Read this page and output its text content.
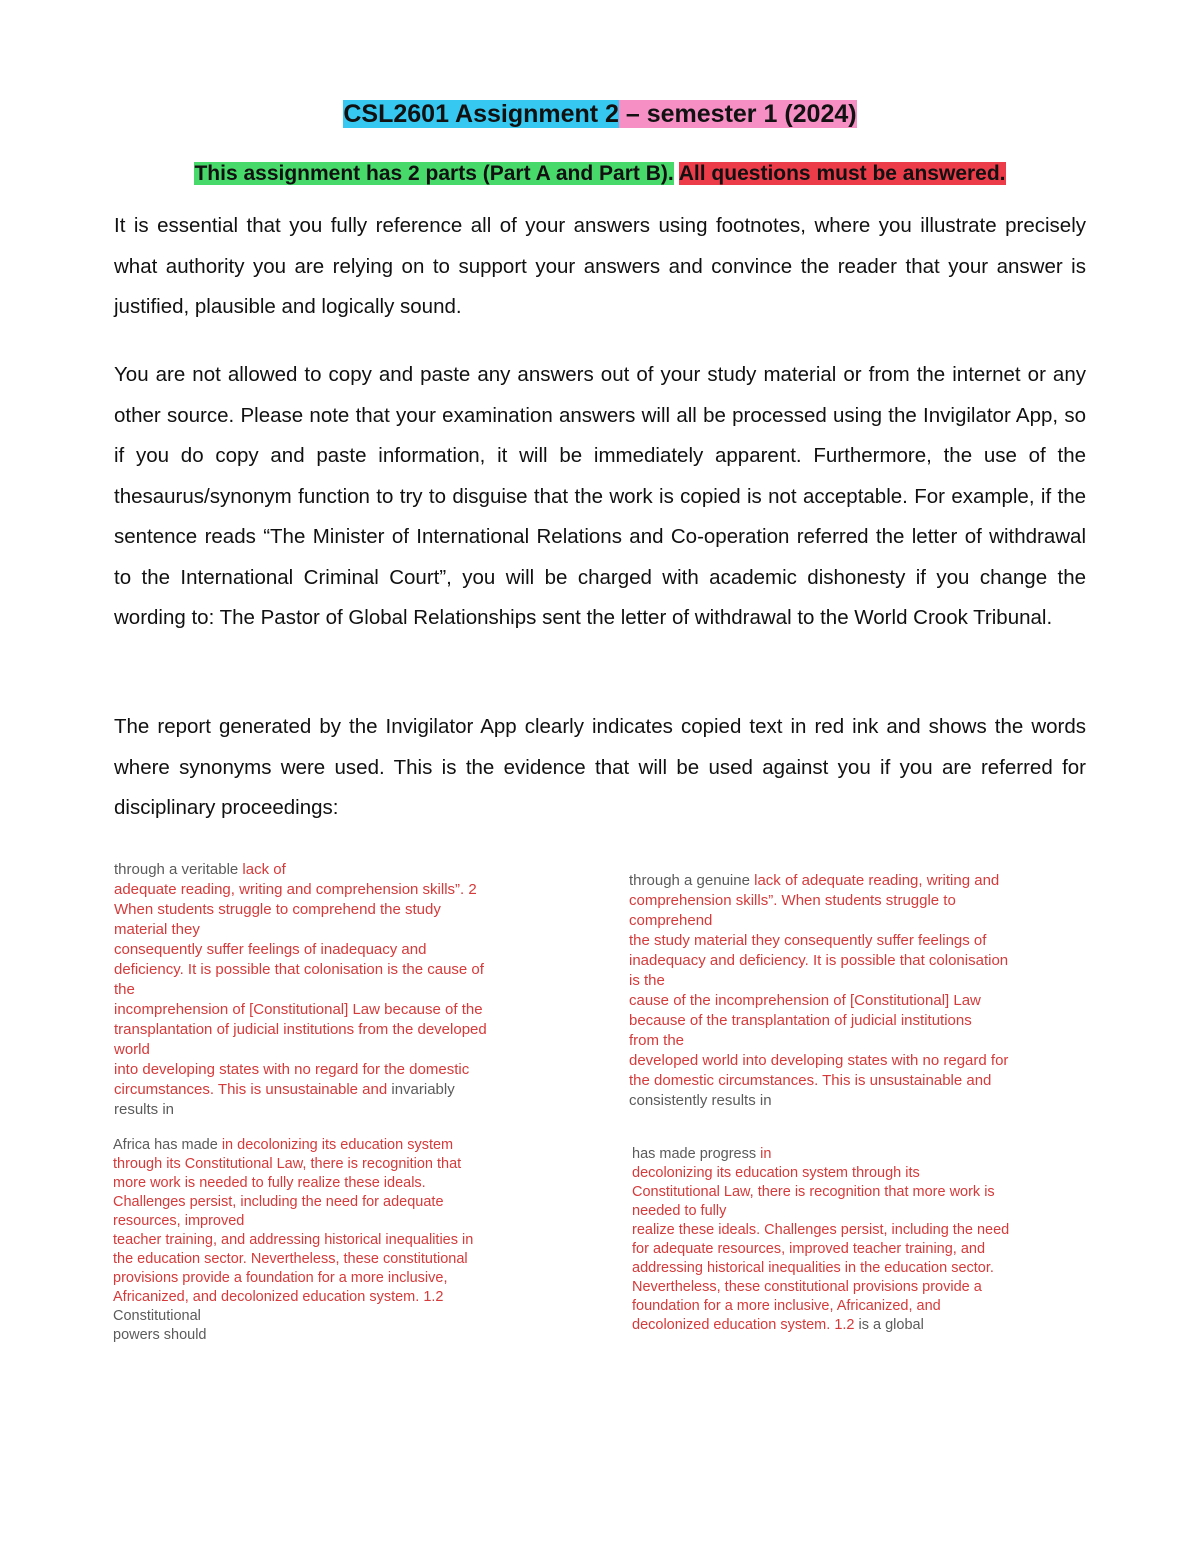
CSL2601 Assignment 2 – semester 1 (2024)
This assignment has 2 parts (Part A and Part B). All questions must be answered.
It is essential that you fully reference all of your answers using footnotes, where you illustrate precisely what authority you are relying on to support your answers and convince the reader that your answer is justified, plausible and logically sound.
You are not allowed to copy and paste any answers out of your study material or from the internet or any other source. Please note that your examination answers will all be processed using the Invigilator App, so if you do copy and paste information, it will be immediately apparent. Furthermore, the use of the thesaurus/synonym function to try to disguise that the work is copied is not acceptable. For example, if the sentence reads “The Minister of International Relations and Co-operation referred the letter of withdrawal to the International Criminal Court”, you will be charged with academic dishonesty if you change the wording to: The Pastor of Global Relationships sent the letter of withdrawal to the World Crook Tribunal.
The report generated by the Invigilator App clearly indicates copied text in red ink and shows the words where synonyms were used. This is the evidence that will be used against you if you are referred for disciplinary proceedings:
through a veritable lack of
adequate reading, writing and comprehension skills”. 2
When students struggle to comprehend the study
material they
consequently suffer feelings of inadequacy and
deficiency. It is possible that colonisation is the cause of
the
incomprehension of [Constitutional] Law because of the
transplantation of judicial institutions from the developed
world
into developing states with no regard for the domestic
circumstances. This is unsustainable and invariably
results in
through a genuine lack of adequate reading, writing and
comprehension skills”. When students struggle to
comprehend
the study material they consequently suffer feelings of
inadequacy and deficiency. It is possible that colonisation
is the
cause of the incomprehension of [Constitutional] Law
because of the transplantation of judicial institutions
from the
developed world into developing states with no regard for
the domestic circumstances. This is unsustainable and
consistently results in
Africa has made in decolonizing its education system
through its Constitutional Law, there is recognition that
more work is needed to fully realize these ideals.
Challenges persist, including the need for adequate
resources, improved
teacher training, and addressing historical inequalities in
the education sector. Nevertheless, these constitutional
provisions provide a foundation for a more inclusive,
Africanized, and decolonized education system. 1.2
Constitutional
powers should
has made progress in
decolonizing its education system through its
Constitutional Law, there is recognition that more work is
needed to fully
realize these ideals. Challenges persist, including the need
for adequate resources, improved teacher training, and
addressing historical inequalities in the education sector.
Nevertheless, these constitutional provisions provide a
foundation for a more inclusive, Africanized, and
decolonized education system. 1.2 is a global
